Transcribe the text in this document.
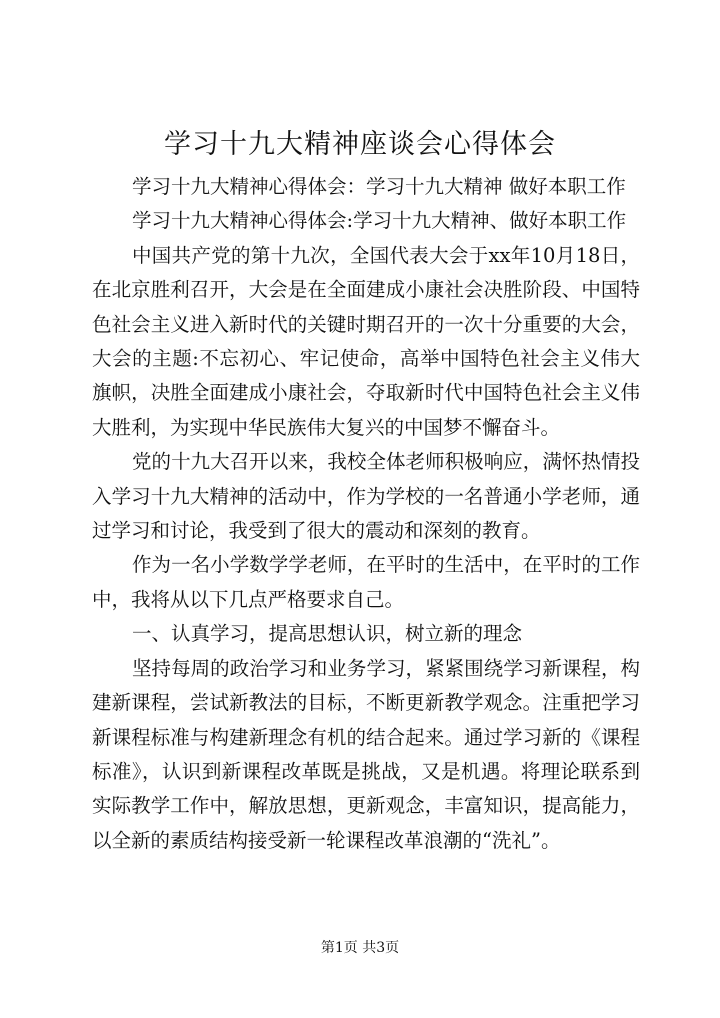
学习十九大精神座谈会心得体会

学习十九大精神心得体会：学习十九大精神 做好本职工作

学习十九大精神心得体会:学习十九大精神、做好本职工作

中国共产党的第十九次，全国代表大会于xx年10月18日，在北京胜利召开，大会是在全面建成小康社会决胜阶段、中国特色社会主义进入新时代的关键时期召开的一次十分重要的大会，大会的主题:不忘初心、牢记使命，高举中国特色社会主义伟大旗帜，决胜全面建成小康社会，夺取新时代中国特色社会主义伟大胜利，为实现中华民族伟大复兴的中国梦不懈奋斗。

党的十九大召开以来，我校全体老师积极响应，满怀热情投入学习十九大精神的活动中，作为学校的一名普通小学老师，通过学习和讨论，我受到了很大的震动和深刻的教育。

作为一名小学数学学老师，在平时的生活中，在平时的工作中，我将从以下几点严格要求自己。

一、认真学习，提高思想认识，树立新的理念

坚持每周的政治学习和业务学习，紧紧围绕学习新课程，构建新课程，尝试新教法的目标，不断更新教学观念。注重把学习新课程标准与构建新理念有机的结合起来。通过学习新的《课程标准》，认识到新课程改革既是挑战，又是机遇。将理论联系到实际教学工作中，解放思想，更新观念，丰富知识，提高能力，以全新的素质结构接受新一轮课程改革浪潮的“洗礼”。

第1页 共3页
